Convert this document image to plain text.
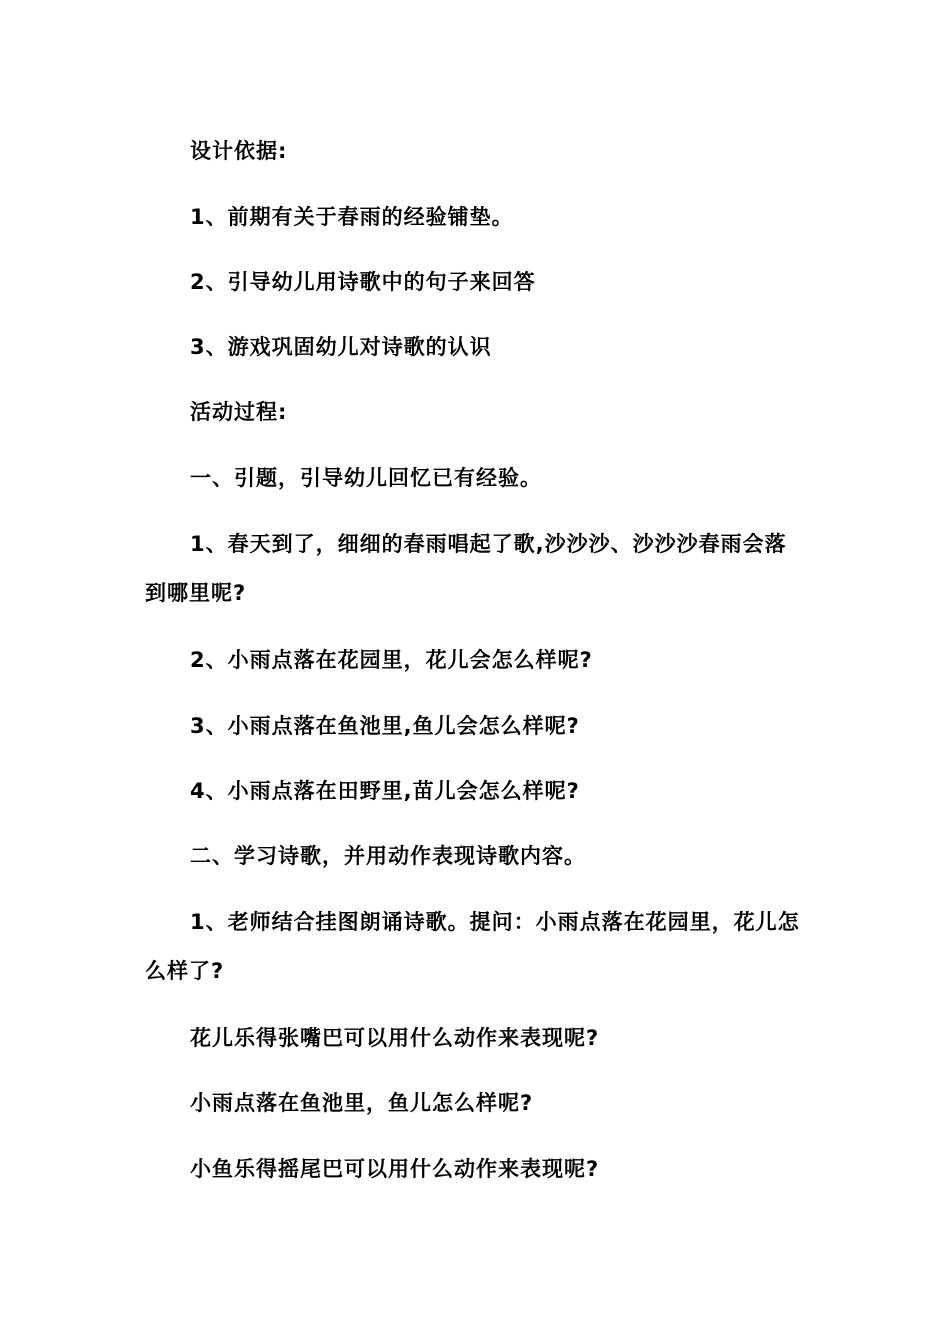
设计依据:

1、前期有关于春雨的经验铺垫。

2、引导幼儿用诗歌中的句子来回答

3、游戏巩固幼儿对诗歌的认识

活动过程:

一、引题，引导幼儿回忆已有经验。

1、春天到了，细细的春雨唱起了歌,沙沙沙、沙沙沙春雨会落

到哪里呢?

2、小雨点落在花园里，花儿会怎么样呢?

3、小雨点落在鱼池里,鱼儿会怎么样呢?

4、小雨点落在田野里,苗儿会怎么样呢?

二、学习诗歌，并用动作表现诗歌内容。

1、老师结合挂图朗诵诗歌。提问：小雨点落在花园里，花儿怎

么样了?

花儿乐得张嘴巴可以用什么动作来表现呢?

小雨点落在鱼池里，鱼儿怎么样呢?

小鱼乐得摇尾巴可以用什么动作来表现呢?
